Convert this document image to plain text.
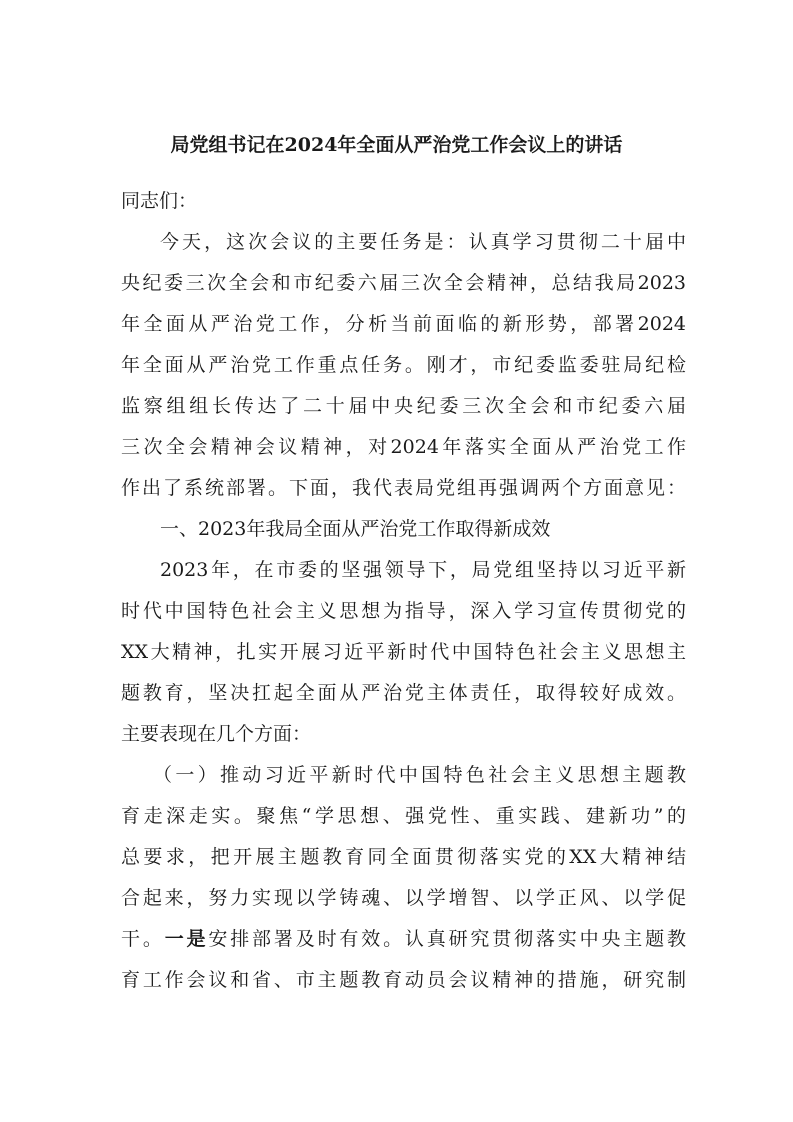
局党组书记在2024年全面从严治党工作会议上的讲话
同志们：
今天，这次会议的主要任务是：认真学习贯彻二十届中
央纪委三次全会和市纪委六届三次全会精神，总结我局2023
年全面从严治党工作，分析当前面临的新形势，部署2024
年全面从严治党工作重点任务。刚才，市纪委监委驻局纪检
监察组组长传达了二十届中央纪委三次全会和市纪委六届
三次全会精神会议精神，对2024年落实全面从严治党工作
作出了系统部署。下面，我代表局党组再强调两个方面意见：
一、2023年我局全面从严治党工作取得新成效
2023年，在市委的坚强领导下，局党组坚持以习近平新
时代中国特色社会主义思想为指导，深入学习宣传贯彻党的
XX大精神，扎实开展习近平新时代中国特色社会主义思想主
题教育，坚决扛起全面从严治党主体责任，取得较好成效。
主要表现在几个方面：
（一）推动习近平新时代中国特色社会主义思想主题教
育走深走实。聚焦“学思想、强党性、重实践、建新功”的
总要求，把开展主题教育同全面贯彻落实党的XX大精神结
合起来，努力实现以学铸魂、以学增智、以学正风、以学促
干。一是安排部署及时有效。认真研究贯彻落实中央主题教
育工作会议和省、市主题教育动员会议精神的措施，研究制
